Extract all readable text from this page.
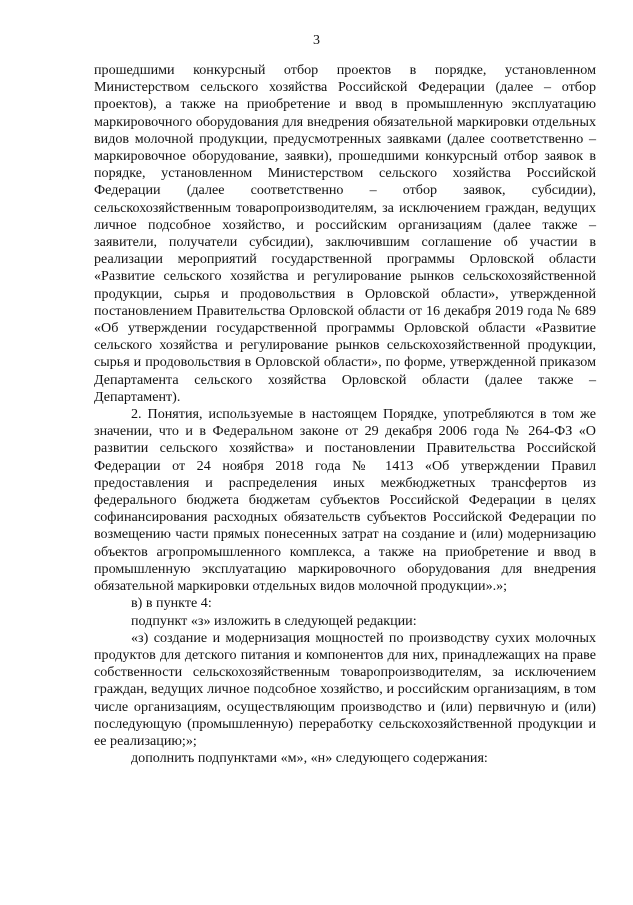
3

прошедшими конкурсный отбор проектов в порядке, установленном Министерством сельского хозяйства Российской Федерации (далее – отбор проектов), а также на приобретение и ввод в промышленную эксплуатацию маркировочного оборудования для внедрения обязательной маркировки отдельных видов молочной продукции, предусмотренных заявками (далее соответственно – маркировочное оборудование, заявки), прошедшими конкурсный отбор заявок в порядке, установленном Министерством сельского хозяйства Российской Федерации (далее соответственно – отбор заявок, субсидии), сельскохозяйственным товаропроизводителям, за исключением граждан, ведущих личное подсобное хозяйство, и российским организациям (далее также – заявители, получатели субсидии), заключившим соглашение об участии в реализации мероприятий государственной программы Орловской области «Развитие сельского хозяйства и регулирование рынков сельскохозяйственной продукции, сырья и продовольствия в Орловской области», утвержденной постановлением Правительства Орловской области от 16 декабря 2019 года № 689 «Об утверждении государственной программы Орловской области «Развитие сельского хозяйства и регулирование рынков сельскохозяйственной продукции, сырья и продовольствия в Орловской области», по форме, утвержденной приказом Департамента сельского хозяйства Орловской области (далее также – Департамент).

2. Понятия, используемые в настоящем Порядке, употребляются в том же значении, что и в Федеральном законе от 29 декабря 2006 года № 264-ФЗ «О развитии сельского хозяйства» и постановлении Правительства Российской Федерации от 24 ноября 2018 года № 1413 «Об утверждении Правил предоставления и распределения иных межбюджетных трансфертов из федерального бюджета бюджетам субъектов Российской Федерации в целях софинансирования расходных обязательств субъектов Российской Федерации по возмещению части прямых понесенных затрат на создание и (или) модернизацию объектов агропромышленного комплекса, а также на приобретение и ввод в промышленную эксплуатацию маркировочного оборудования для внедрения обязательной маркировки отдельных видов молочной продукции».»;

в) в пункте 4:

подпункт «з» изложить в следующей редакции:

«з) создание и модернизация мощностей по производству сухих молочных продуктов для детского питания и компонентов для них, принадлежащих на праве собственности сельскохозяйственным товаропроизводителям, за исключением граждан, ведущих личное подсобное хозяйство, и российским организациям, в том числе организациям, осуществляющим производство и (или) первичную и (или) последующую (промышленную) переработку сельскохозяйственной продукции и ее реализацию;»;

дополнить подпунктами «м», «н» следующего содержания:
